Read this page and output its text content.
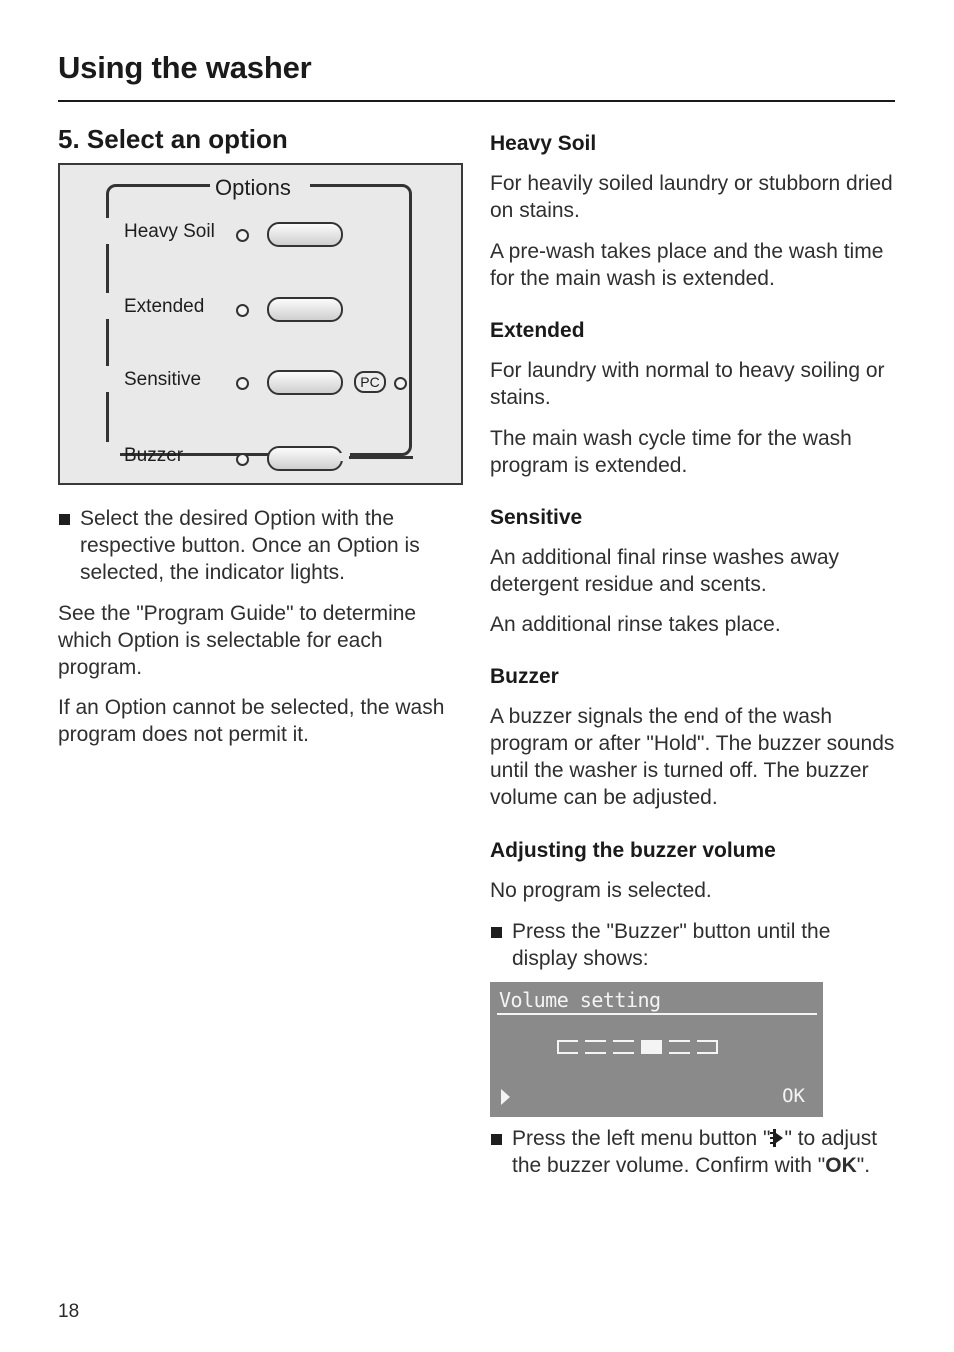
Using the washer
5. Select an option
Options
Heavy Soil
Extended
Sensitive	PC
Buzzer

Select the desired Option with the respective button. Once an Option is selected, the indicator lights.

See the "Program Guide" to determine which Option is selectable for each program.

If an Option cannot be selected, the wash program does not permit it.

Heavy Soil

For heavily soiled laundry or stubborn dried on stains.

A pre-wash takes place and the wash time for the main wash is extended.

Extended

For laundry with normal to heavy soiling or stains.

The main wash cycle time for the wash program is extended.

Sensitive

An additional final rinse washes away detergent residue and scents.

An additional rinse takes place.

Buzzer

A buzzer signals the end of the wash program or after "Hold". The buzzer sounds until the washer is turned off. The buzzer volume can be adjusted.

Adjusting the buzzer volume

No program is selected.

Press the "Buzzer" button until the display shows:

Volume setting
OK

Press the left menu button " " to adjust the buzzer volume. Confirm with "OK".

18
